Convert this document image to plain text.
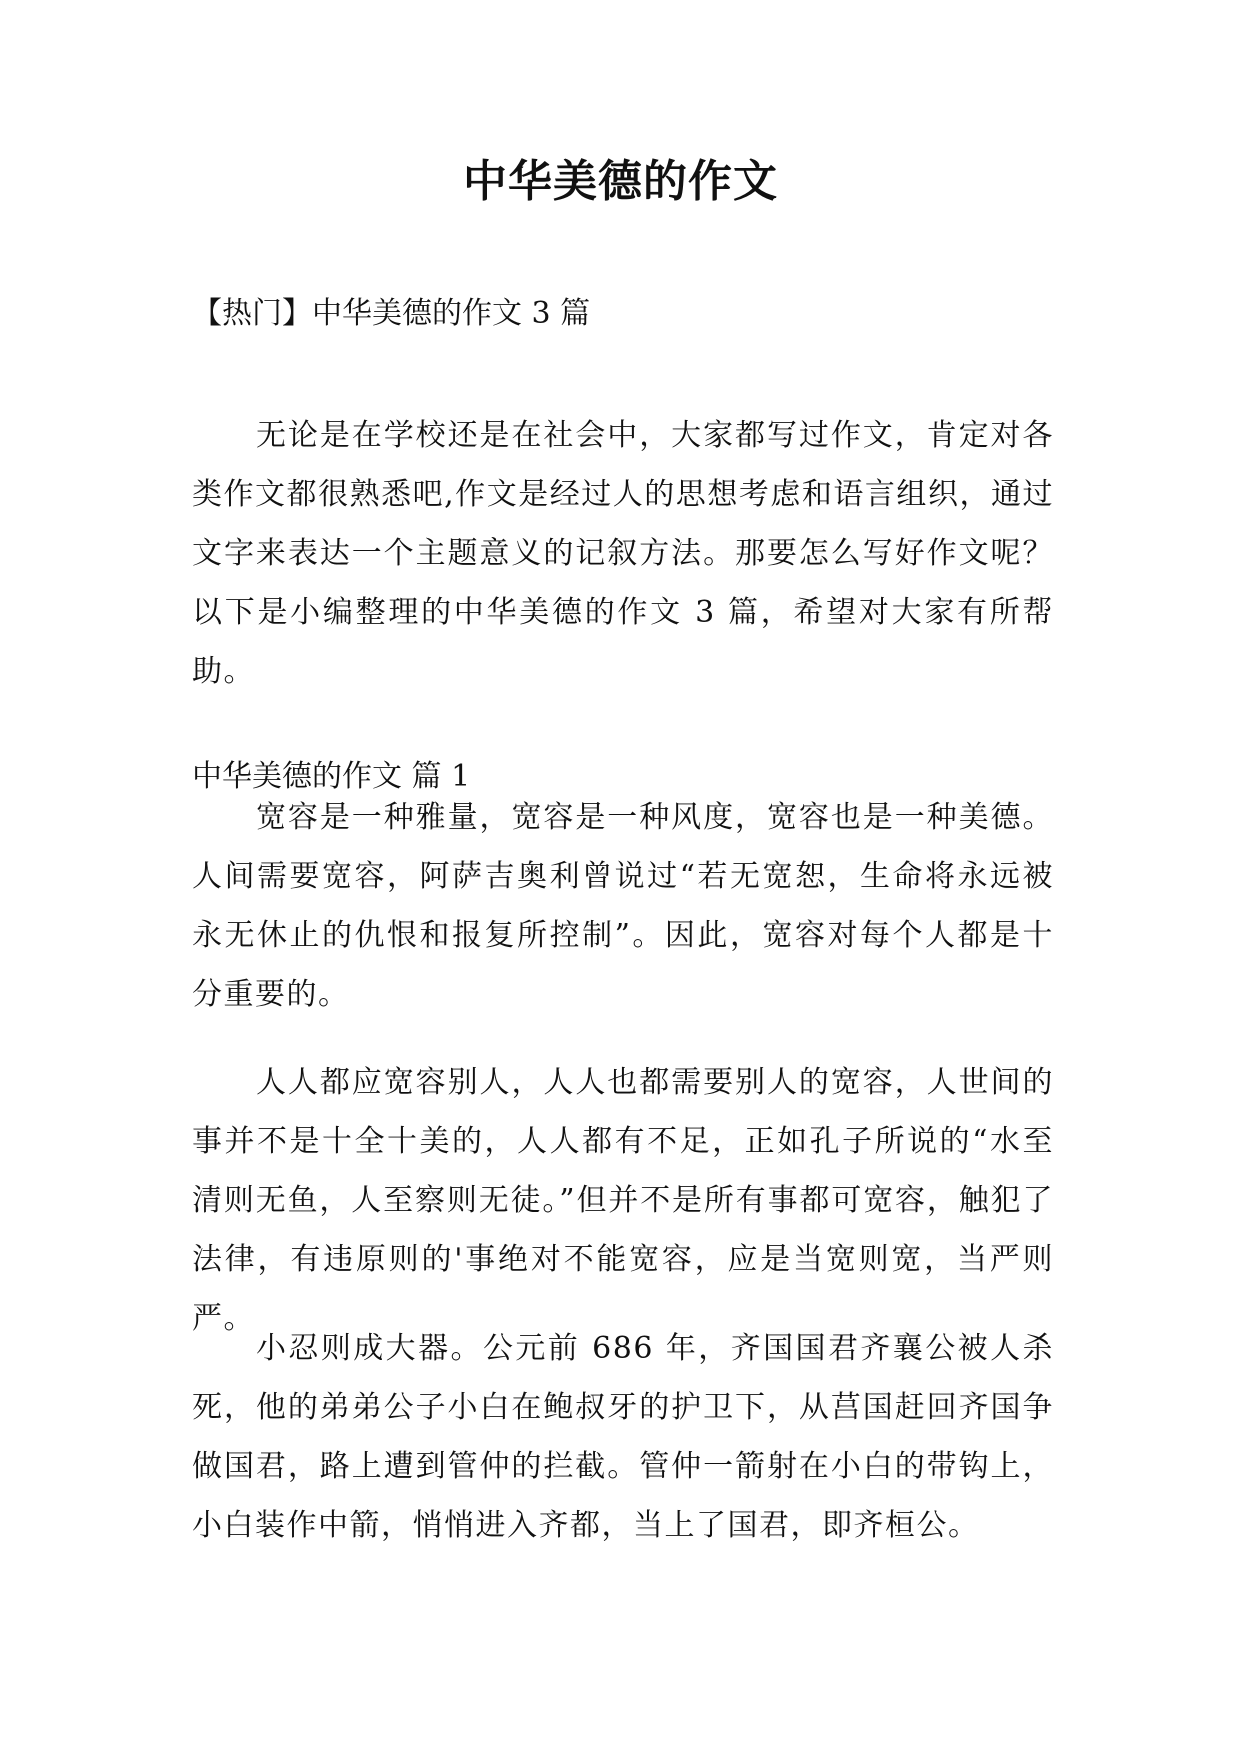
中华美德的作文

【热门】中华美德的作文 3 篇

无论是在学校还是在社会中，大家都写过作文，肯定对各类作文都很熟悉吧,作文是经过人的思想考虑和语言组织，通过文字来表达一个主题意义的记叙方法。那要怎么写好作文呢？以下是小编整理的中华美德的作文 3 篇，希望对大家有所帮助。

中华美德的作文 篇 1

宽容是一种雅量，宽容是一种风度，宽容也是一种美德。人间需要宽容，阿萨吉奥利曾说过“若无宽恕，生命将永远被永无休止的仇恨和报复所控制”。因此，宽容对每个人都是十分重要的。

人人都应宽容别人，人人也都需要别人的宽容，人世间的事并不是十全十美的，人人都有不足，正如孔子所说的“水至清则无鱼，人至察则无徒。”但并不是所有事都可宽容，触犯了法律，有违原则的'事绝对不能宽容，应是当宽则宽，当严则严。

小忍则成大器。公元前 686 年，齐国国君齐襄公被人杀死，他的弟弟公子小白在鲍叔牙的护卫下，从莒国赶回齐国争做国君，路上遭到管仲的拦截。管仲一箭射在小白的带钩上，小白装作中箭，悄悄进入齐都，当上了国君，即齐桓公。
